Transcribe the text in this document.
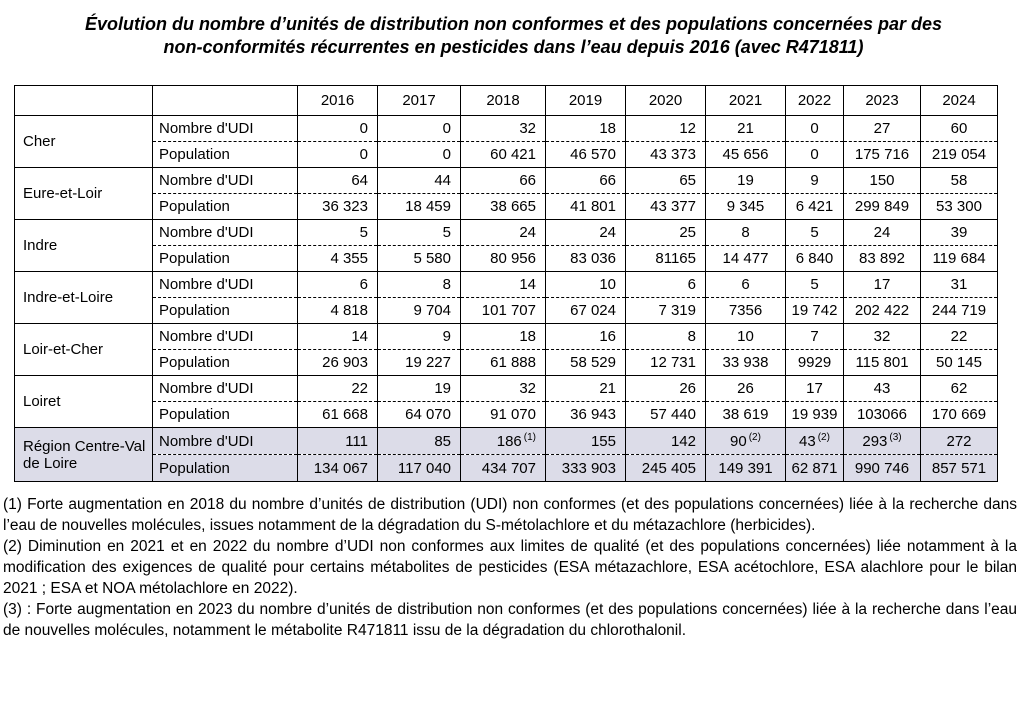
Évolution du nombre d’unités de distribution non conformes et des populations concernées par des
non-conformités récurrentes en pesticides dans l’eau depuis 2016 (avec R471811)
		2016	2017	2018	2019	2020	2021	2022	2023	2024
Cher	Nombre d'UDI	0	0	32	18	12	21	0	27	60
	Population	0	0	60 421	46 570	43 373	45 656	0	175 716	219 054
Eure-et-Loir	Nombre d'UDI	64	44	66	66	65	19	9	150	58
	Population	36 323	18 459	38 665	41 801	43 377	9 345	6 421	299 849	53 300
Indre	Nombre d'UDI	5	5	24	24	25	8	5	24	39
	Population	4 355	5 580	80 956	83 036	81165	14 477	6 840	83 892	119 684
Indre-et-Loire	Nombre d'UDI	6	8	14	10	6	6	5	17	31
	Population	4 818	9 704	101 707	67 024	7 319	7356	19 742	202 422	244 719
Loir-et-Cher	Nombre d'UDI	14	9	18	16	8	10	7	32	22
	Population	26 903	19 227	61 888	58 529	12 731	33 938	9929	115 801	50 145
Loiret	Nombre d'UDI	22	19	32	21	26	26	17	43	62
	Population	61 668	64 070	91 070	36 943	57 440	38 619	19 939	103066	170 669
Région Centre-Val de Loire	Nombre d'UDI	111	85	186 $^{(1)}$	155	142	90 $^{(2)}$	43 $^{(2)}$	293 $^{(3)}$	272
	Population	134 067	117 040	434 707	333 903	245 405	149 391	62 871	990 746	857 571

(1) Forte augmentation en 2018 du nombre d’unités de distribution (UDI) non conformes (et des populations concernées) liée à la recherche dans l’eau de nouvelles molécules, issues notamment de la dégradation du S-métolachlore et du métazachlore (herbicides).

(2) Diminution en 2021 et en 2022 du nombre d’UDI non conformes aux limites de qualité (et des populations concernées) liée notamment à la modification des exigences de qualité pour certains métabolites de pesticides (ESA métazachlore, ESA acétochlore, ESA alachlore pour le bilan 2021 ; ESA et NOA métolachlore en 2022).

(3) : Forte augmentation en 2023 du nombre d’unités de distribution non conformes (et des populations concernées) liée à la recherche dans l’eau de nouvelles molécules, notamment le métabolite R471811 issu de la dégradation du chlorothalonil.
